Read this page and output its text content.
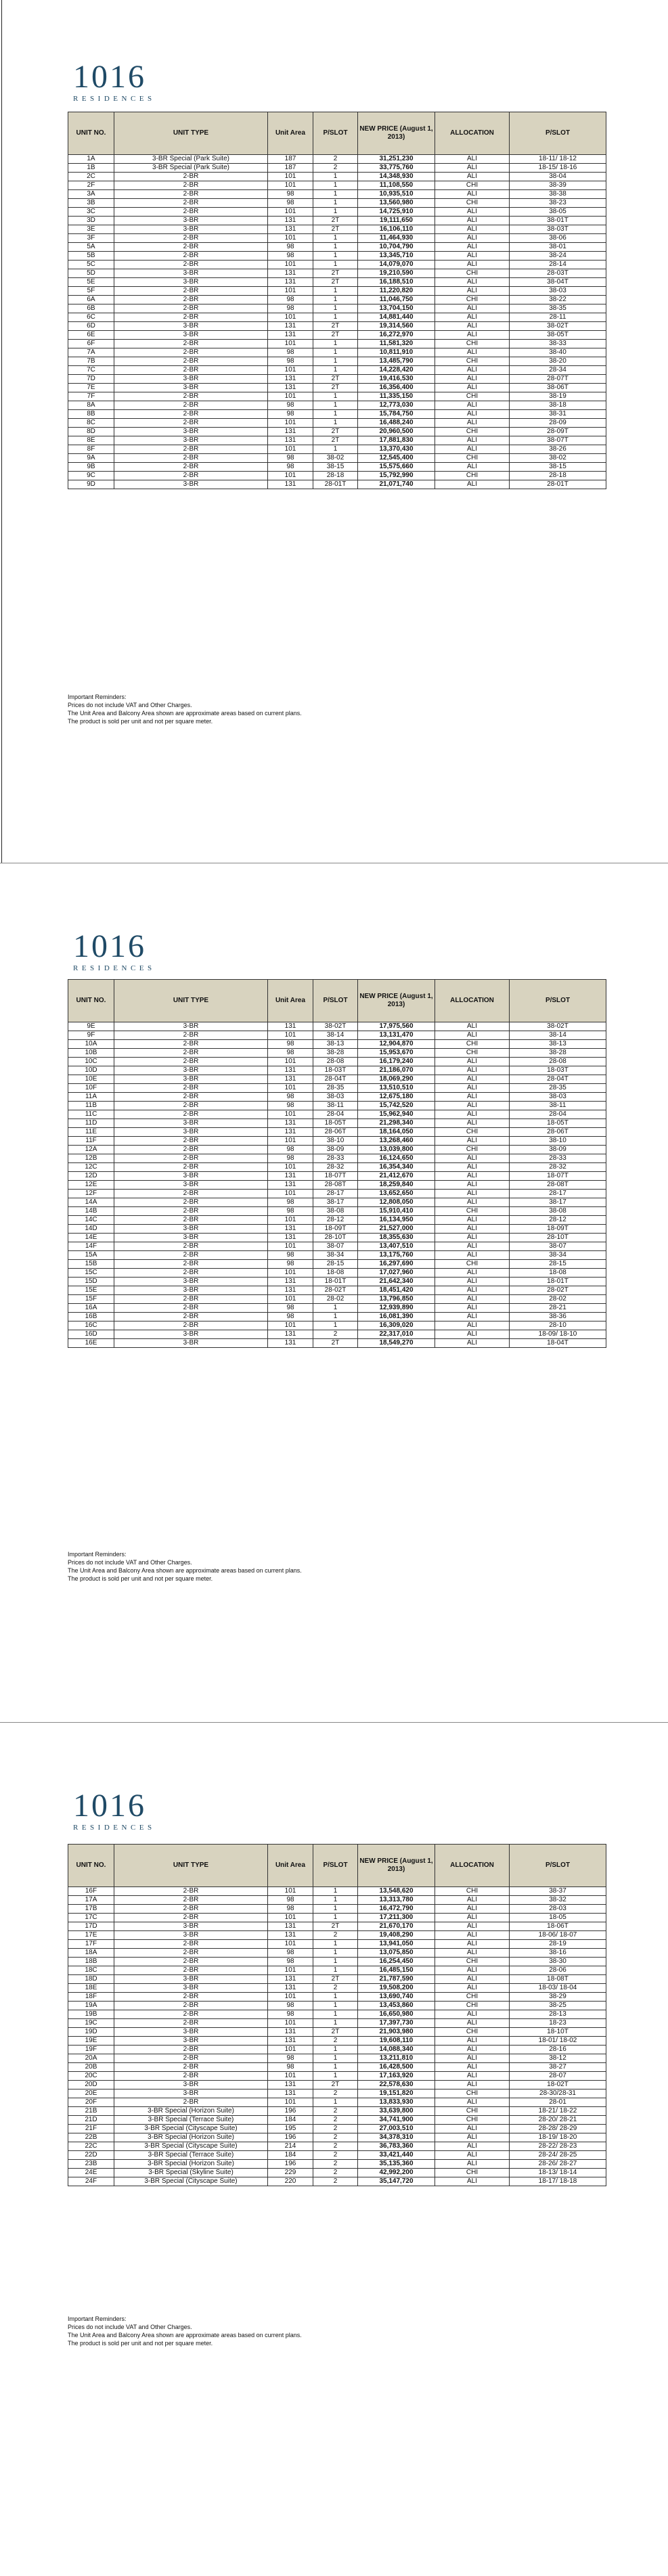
1016
RESIDENCES
UNIT NO.	UNIT TYPE	Unit Area	P/SLOT	NEW PRICE (August 1, 2013)	ALLOCATION	P/SLOT
1A	3-BR Special (Park Suite)	187	2	31,251,230	ALI	18-11/ 18-12
1B	3-BR Special (Park Suite)	187	2	33,775,760	ALI	18-15/ 18-16
2C	2-BR	101	1	14,348,930	ALI	38-04
2F	2-BR	101	1	11,108,550	CHI	38-39
3A	2-BR	98	1	10,935,510	ALI	38-38
3B	2-BR	98	1	13,560,980	CHI	38-23
3C	2-BR	101	1	14,725,910	ALI	38-05
3D	3-BR	131	2T	19,111,650	ALI	38-01T
3E	3-BR	131	2T	16,106,110	ALI	38-03T
3F	2-BR	101	1	11,464,930	ALI	38-06
5A	2-BR	98	1	10,704,790	ALI	38-01
5B	2-BR	98	1	13,345,710	ALI	38-24
5C	2-BR	101	1	14,079,070	ALI	28-14
5D	3-BR	131	2T	19,210,590	CHI	28-03T
5E	3-BR	131	2T	16,188,510	ALI	38-04T
5F	2-BR	101	1	11,220,820	ALI	38-03
6A	2-BR	98	1	11,046,750	CHI	38-22
6B	2-BR	98	1	13,704,150	ALI	38-35
6C	2-BR	101	1	14,881,440	ALI	28-11
6D	3-BR	131	2T	19,314,560	ALI	38-02T
6E	3-BR	131	2T	16,272,970	ALI	38-05T
6F	2-BR	101	1	11,581,320	CHI	38-33
7A	2-BR	98	1	10,811,910	ALI	38-40
7B	2-BR	98	1	13,485,790	CHI	38-20
7C	2-BR	101	1	14,228,420	ALI	28-34
7D	3-BR	131	2T	19,416,530	ALI	28-07T
7E	3-BR	131	2T	16,356,400	ALI	38-06T
7F	2-BR	101	1	11,335,150	CHI	38-19
8A	2-BR	98	1	12,773,030	ALI	38-18
8B	2-BR	98	1	15,784,750	ALI	38-31
8C	2-BR	101	1	16,488,240	ALI	28-09
8D	3-BR	131	2T	20,960,500	CHI	28-09T
8E	3-BR	131	2T	17,881,830	ALI	38-07T
8F	2-BR	101	1	13,370,430	ALI	38-26
9A	2-BR	98	38-02	12,545,400	CHI	38-02
9B	2-BR	98	38-15	15,575,660	ALI	38-15
9C	2-BR	101	28-18	15,792,990	CHI	28-18
9D	3-BR	131	28-01T	21,071,740	ALI	28-01T
Important Reminders:
Prices do not include VAT and Other Charges.
The Unit Area and Balcony Area shown are approximate areas based on current plans.
The product is sold per unit and not per square meter.
1016
RESIDENCES
UNIT NO.	UNIT TYPE	Unit Area	P/SLOT	NEW PRICE (August 1, 2013)	ALLOCATION	P/SLOT
9E	3-BR	131	38-02T	17,975,560	ALI	38-02T
9F	2-BR	101	38-14	13,131,470	ALI	38-14
10A	2-BR	98	38-13	12,904,870	CHI	38-13
10B	2-BR	98	38-28	15,953,670	CHI	38-28
10C	2-BR	101	28-08	16,179,240	ALI	28-08
10D	3-BR	131	18-03T	21,186,070	ALI	18-03T
10E	3-BR	131	28-04T	18,069,290	ALI	28-04T
10F	2-BR	101	28-35	13,510,510	ALI	28-35
11A	2-BR	98	38-03	12,675,180	ALI	38-03
11B	2-BR	98	38-11	15,742,520	ALI	38-11
11C	2-BR	101	28-04	15,962,940	ALI	28-04
11D	3-BR	131	18-05T	21,298,340	ALI	18-05T
11E	3-BR	131	28-06T	18,164,050	CHI	28-06T
11F	2-BR	101	38-10	13,268,460	ALI	38-10
12A	2-BR	98	38-09	13,039,800	CHI	38-09
12B	2-BR	98	28-33	16,124,650	ALI	28-33
12C	2-BR	101	28-32	16,354,340	ALI	28-32
12D	3-BR	131	18-07T	21,412,670	ALI	18-07T
12E	3-BR	131	28-08T	18,259,840	ALI	28-08T
12F	2-BR	101	28-17	13,652,650	ALI	28-17
14A	2-BR	98	38-17	12,808,050	ALI	38-17
14B	2-BR	98	38-08	15,910,410	CHI	38-08
14C	2-BR	101	28-12	16,134,950	ALI	28-12
14D	3-BR	131	18-09T	21,527,000	ALI	18-09T
14E	3-BR	131	28-10T	18,355,630	ALI	28-10T
14F	2-BR	101	38-07	13,407,510	ALI	38-07
15A	2-BR	98	38-34	13,175,760	ALI	38-34
15B	2-BR	98	28-15	16,297,690	CHI	28-15
15C	2-BR	101	18-08	17,027,960	ALI	18-08
15D	3-BR	131	18-01T	21,642,340	ALI	18-01T
15E	3-BR	131	28-02T	18,451,420	ALI	28-02T
15F	2-BR	101	28-02	13,796,850	ALI	28-02
16A	2-BR	98	1	12,939,890	ALI	28-21
16B	2-BR	98	1	16,081,390	ALI	38-36
16C	2-BR	101	1	16,309,020	ALI	28-10
16D	3-BR	131	2	22,317,010	ALI	18-09/ 18-10
16E	3-BR	131	2T	18,549,270	ALI	18-04T
Important Reminders:
Prices do not include VAT and Other Charges.
The Unit Area and Balcony Area shown are approximate areas based on current plans.
The product is sold per unit and not per square meter.
1016
RESIDENCES
UNIT NO.	UNIT TYPE	Unit Area	P/SLOT	NEW PRICE (August 1, 2013)	ALLOCATION	P/SLOT
16F	2-BR	101	1	13,548,620	CHI	38-37
17A	2-BR	98	1	13,313,780	ALI	38-32
17B	2-BR	98	1	16,472,790	ALI	28-03
17C	2-BR	101	1	17,211,300	ALI	18-05
17D	3-BR	131	2T	21,670,170	ALI	18-06T
17E	3-BR	131	2	19,408,290	ALI	18-06/ 18-07
17F	2-BR	101	1	13,941,050	ALI	28-19
18A	2-BR	98	1	13,075,850	ALI	38-16
18B	2-BR	98	1	16,254,450	CHI	38-30
18C	2-BR	101	1	16,485,150	ALI	28-06
18D	3-BR	131	2T	21,787,590	ALI	18-08T
18E	3-BR	131	2	19,508,200	ALI	18-03/ 18-04
18F	2-BR	101	1	13,690,740	CHI	38-29
19A	2-BR	98	1	13,453,860	CHI	38-25
19B	2-BR	98	1	16,650,980	ALI	28-13
19C	2-BR	101	1	17,397,730	ALI	18-23
19D	3-BR	131	2T	21,903,980	CHI	18-10T
19E	3-BR	131	2	19,608,110	ALI	18-01/ 18-02
19F	2-BR	101	1	14,088,340	ALI	28-16
20A	2-BR	98	1	13,211,810	ALI	38-12
20B	2-BR	98	1	16,428,500	ALI	38-27
20C	2-BR	101	1	17,163,920	ALI	28-07
20D	3-BR	131	2T	22,578,630	ALI	18-02T
20E	3-BR	131	2	19,151,820	CHI	28-30/28-31
20F	2-BR	101	1	13,833,930	ALI	28-01
21B	3-BR Special (Horizon Suite)	196	2	33,639,800	CHI	18-21/ 18-22
21D	3-BR Special (Terrace Suite)	184	2	34,741,900	CHI	28-20/ 28-21
21F	3-BR Special (Cityscape Suite)	195	2	27,003,510	ALI	28-28/ 28-29
22B	3-BR Special (Horizon Suite)	196	2	34,378,310	ALI	18-19/ 18-20
22C	3-BR Special (Cityscape Suite)	214	2	36,783,360	ALI	28-22/ 28-23
22D	3-BR Special (Terrace Suite)	184	2	33,421,440	ALI	28-24/ 28-25
23B	3-BR Special (Horizon Suite)	196	2	35,135,360	ALI	28-26/ 28-27
24E	3-BR Special (Skyline Suite)	229	2	42,992,200	CHI	18-13/ 18-14
24F	3-BR Special (Cityscape Suite)	220	2	35,147,720	ALI	18-17/ 18-18
Important Reminders:
Prices do not include VAT and Other Charges.
The Unit Area and Balcony Area shown are approximate areas based on current plans.
The product is sold per unit and not per square meter.
